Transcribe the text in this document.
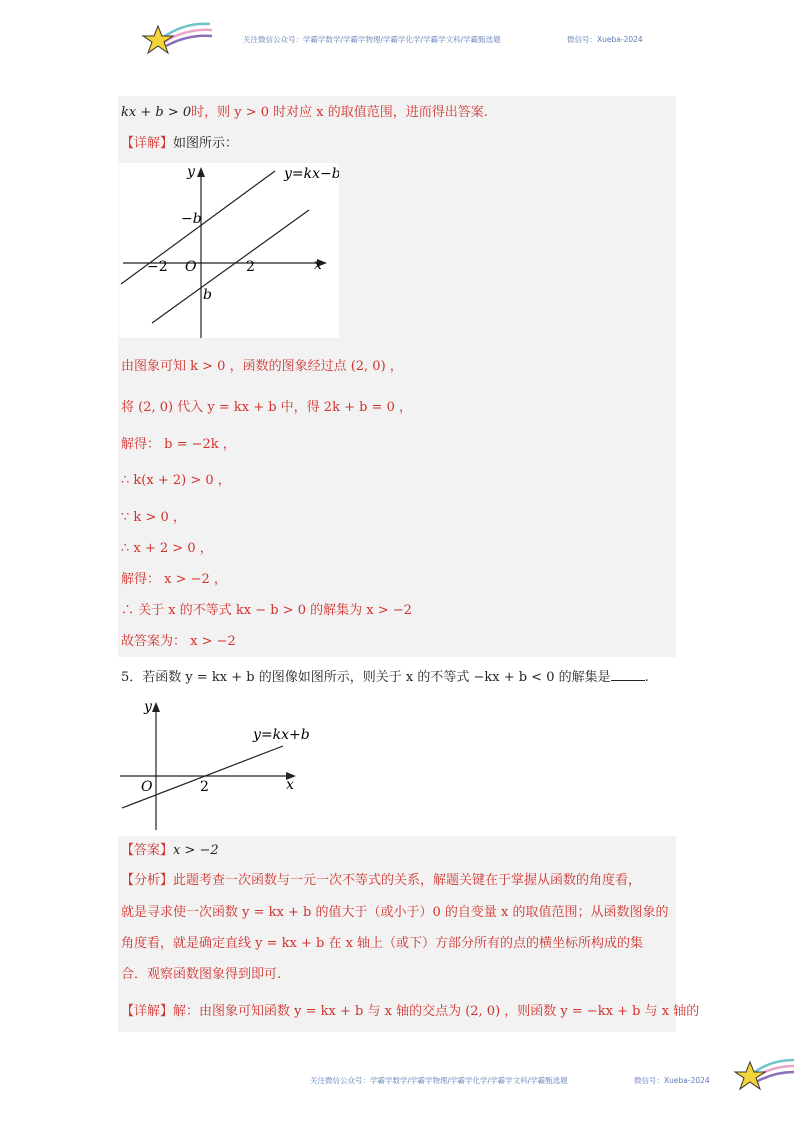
关注微信公众号：学霸学数学/学霸学物理/学霸学化学/学霸学文科/学霸甄选题	微信号：Xueba-2024
kx + b > 0时，则 y > 0 时对应 x 的取值范围，进而得出答案.
【详解】如图所示：
y
x
y=kx−b
−b
b
O
−2	2
由图象可知 k > 0 ，函数的图象经过点 (2, 0) ，
将 (2, 0) 代入 y = kx + b 中，得 2k + b = 0 ，
解得： b = −2k ，
∴ k(x + 2) > 0 ，
∵ k > 0 ，
∴ x + 2 > 0 ，
解得： x > −2 ，
∴ 关于 x 的不等式 kx − b > 0 的解集为 x > −2
故答案为： x > −2
5．若函数 y = kx + b 的图像如图所示，则关于 x 的不等式 −kx + b < 0 的解集是	.
y
x
y=kx+b
O	2
【答案】x > −2
【分析】此题考查一次函数与一元一次不等式的关系，解题关键在于掌握从函数的角度看，
就是寻求使一次函数 y = kx + b 的值大于（或小于）0 的自变量 x 的取值范围；从函数图象的
角度看，就是确定直线 y = kx + b 在 x 轴上（或下）方部分所有的点的横坐标所构成的集
合．观察函数图象得到即可.
【详解】解：由图象可知函数 y = kx + b 与 x 轴的交点为 (2, 0) ，则函数 y = −kx + b 与 x 轴的
关注微信公众号：学霸学数学/学霸学物理/学霸学化学/学霸学文科/学霸甄选题	微信号：Xueba-2024
